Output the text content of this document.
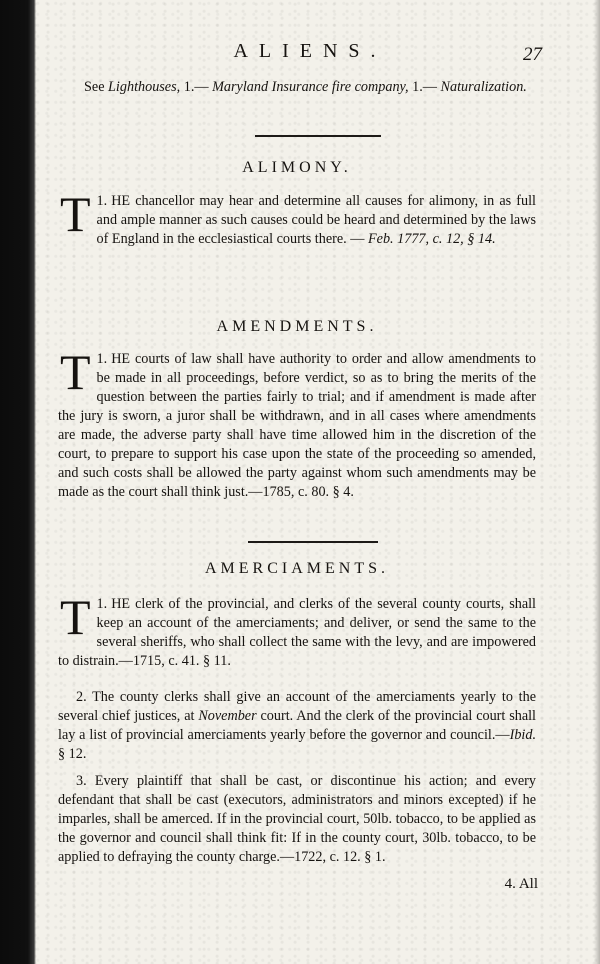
ALIENS.	27
See Lighthouses, 1.— Maryland Insurance fire company, 1.— Naturalization.
ALIMONY.
1.
T HE chancellor may hear and determine all causes for alimony, in as full and ample manner as such causes could be heard and determined by the laws of England in the ecclesiastical courts there. — Feb. 1777, c. 12, § 14.
AMENDMENTS.
1.
T HE courts of law shall have authority to order and allow amendments to be made in all proceedings, before verdict, so as to bring the merits of the question between the parties fairly to trial; and if amendment is made after the jury is sworn, a juror shall be withdrawn, and in all cases where amendments are made, the adverse party shall have time allowed him in the discretion of the court, to prepare to support his case upon the state of the proceeding so amended, and such costs shall be allowed the party against whom such amendments may be made as the court shall think just.—1785, c. 80. § 4.
AMERCIAMENTS.
1.
T HE clerk of the provincial, and clerks of the several county courts, shall keep an account of the amerciaments; and deliver, or send the same to the several sheriffs, who shall collect the same with the levy, and are impowered to distrain.—1715, c. 41. § 11.
2. The county clerks shall give an account of the amerciaments yearly to the several chief justices, at November court. And the clerk of the provincial court shall lay a list of provincial amerciaments yearly before the governor and council.—Ibid. § 12.
3. Every plaintiff that shall be cast, or discontinue his action; and every defendant that shall be cast (executors, administrators and minors excepted) if he imparles, shall be amerced. If in the provincial court, 50lb. tobacco, to be applied as the governor and council shall think fit: If in the county court, 30lb. tobacco, to be applied to defraying the county charge.—1722, c. 12. § 1.
4. All
